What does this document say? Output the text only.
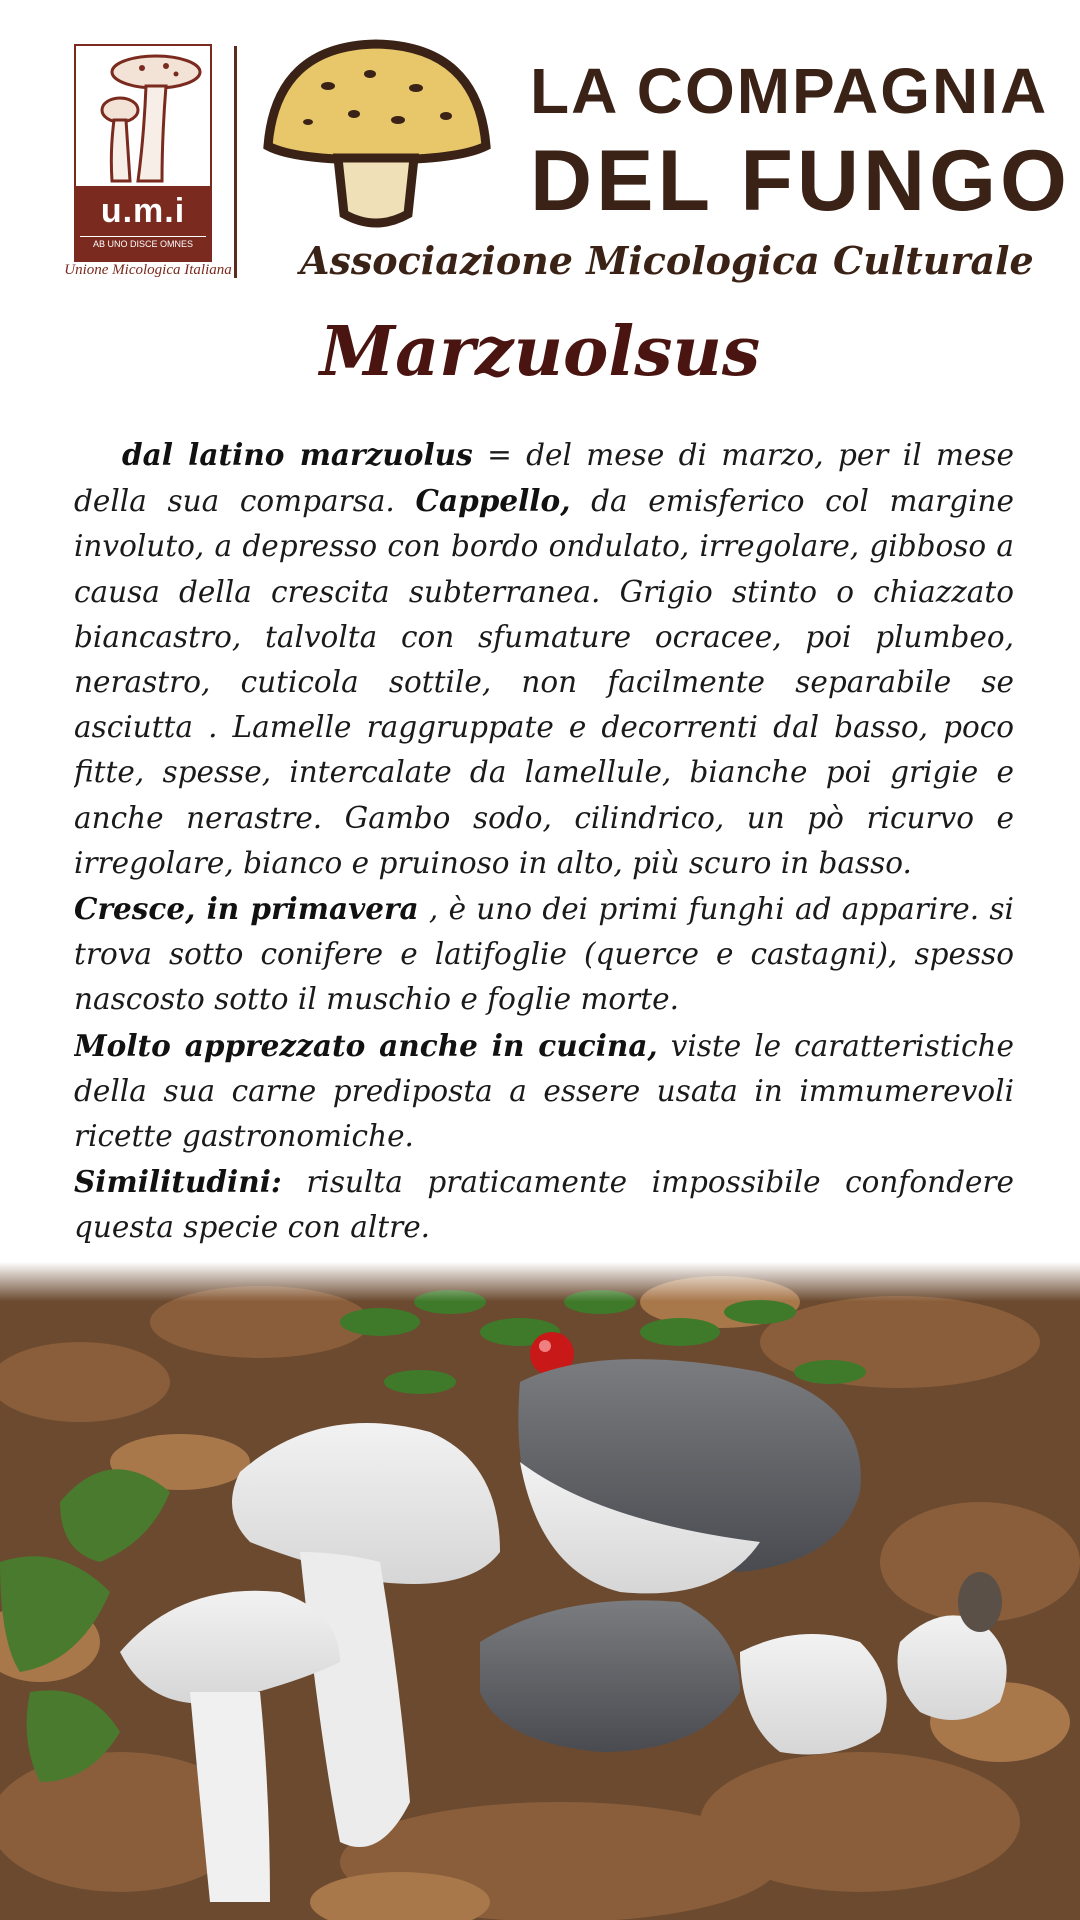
u.m.i
AB UNO DISCE OMNES
Unione Micologica Italiana
LA COMPAGNIA
DEL FUNGO
Associazione Micologica Culturale
Marzuolsus
dal latino marzuolus = del mese di marzo, per il mese della sua comparsa. Cappello, da emisferico col margine involuto, a depresso con bordo ondulato, irregolare, gibboso a causa della crescita subterranea. Grigio stinto o chiazzato biancastro, talvolta con sfumature ocracee, poi plumbeo, nerastro, cuticola sottile, non facilmente separabile se asciutta . Lamelle raggruppate e decorrenti dal basso, poco fitte, spesse, intercalate da lamellule, bianche poi grigie e anche nerastre. Gambo sodo, cilindrico, un pò ricurvo e irregolare, bianco e pruinoso in alto, più scuro in basso.
Cresce, in primavera , è uno dei primi funghi ad apparire. si trova sotto conifere e latifoglie (querce e castagni), spesso nascosto sotto il muschio e foglie morte.
Molto apprezzato anche in cucina, viste le caratteristiche della sua carne prediposta a essere usata in immumerevoli ricette gastronomiche.
Similitudini: risulta praticamente impossibile confondere questa specie con altre.
